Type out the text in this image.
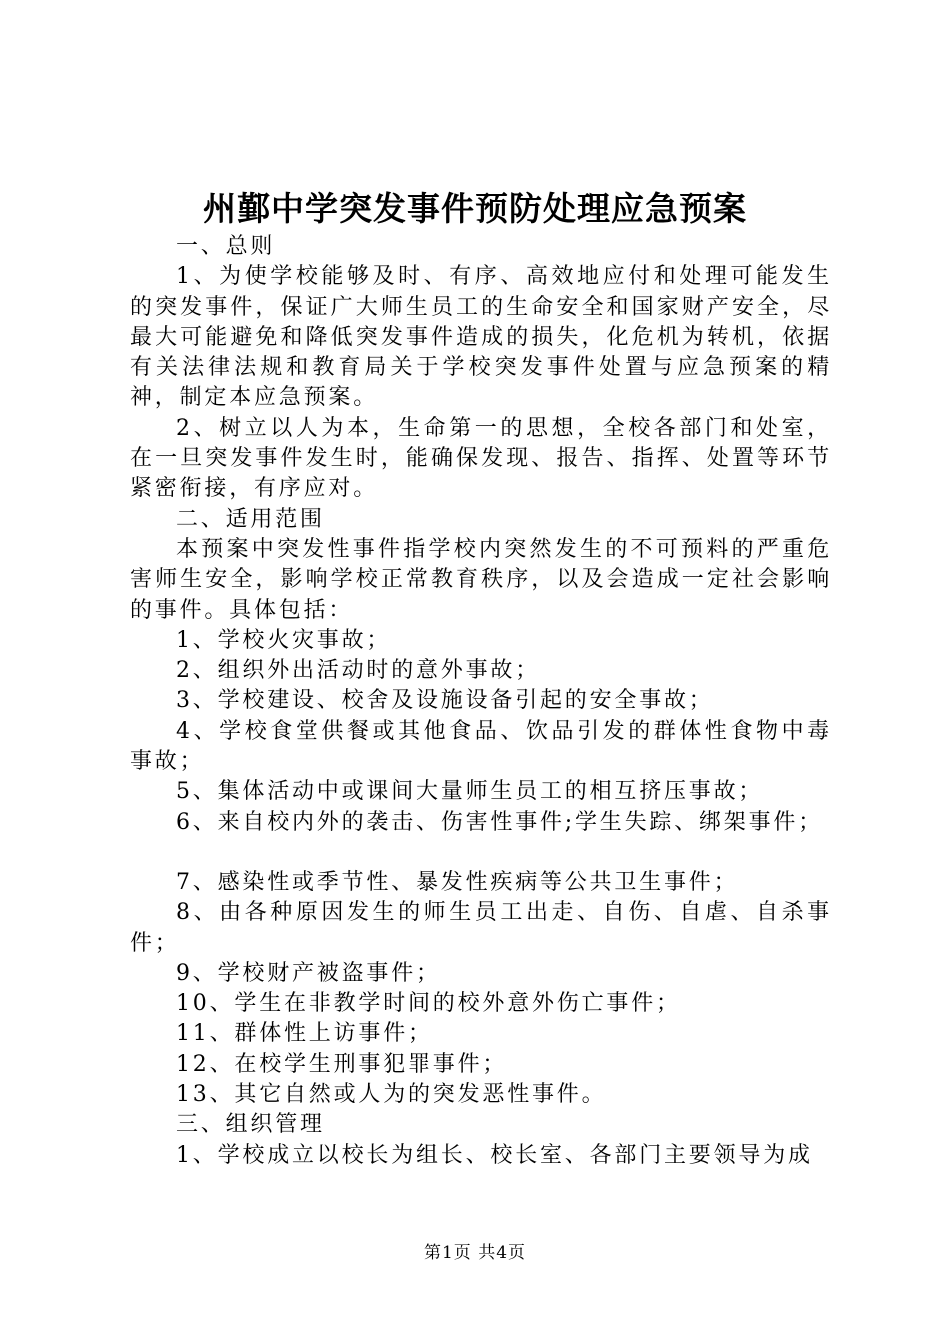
州鄞中学突发事件预防处理应急预案

一、总则

1、为使学校能够及时、有序、高效地应付和处理可能发生的突发事件，保证广大师生员工的生命安全和国家财产安全，尽最大可能避免和降低突发事件造成的损失，化危机为转机，依据有关法律法规和教育局关于学校突发事件处置与应急预案的精神，制定本应急预案。

2、树立以人为本，生命第一的思想，全校各部门和处室，在一旦突发事件发生时，能确保发现、报告、指挥、处置等环节紧密衔接，有序应对。

二、适用范围

本预案中突发性事件指学校内突然发生的不可预料的严重危害师生安全，影响学校正常教育秩序，以及会造成一定社会影响的事件。具体包括：

1、学校火灾事故；

2、组织外出活动时的意外事故；

3、学校建设、校舍及设施设备引起的安全事故；

4、学校食堂供餐或其他食品、饮品引发的群体性食物中毒事故；

5、集体活动中或课间大量师生员工的相互挤压事故；

6、来自校内外的袭击、伤害性事件;学生失踪、绑架事件；

7、感染性或季节性、暴发性疾病等公共卫生事件；

8、由各种原因发生的师生员工出走、自伤、自虐、自杀事件；

9、学校财产被盗事件；

10、学生在非教学时间的校外意外伤亡事件；

11、群体性上访事件；

12、在校学生刑事犯罪事件；

13、其它自然或人为的突发恶性事件。

三、组织管理

1、学校成立以校长为组长、校长室、各部门主要领导为成

第1页 共4页
